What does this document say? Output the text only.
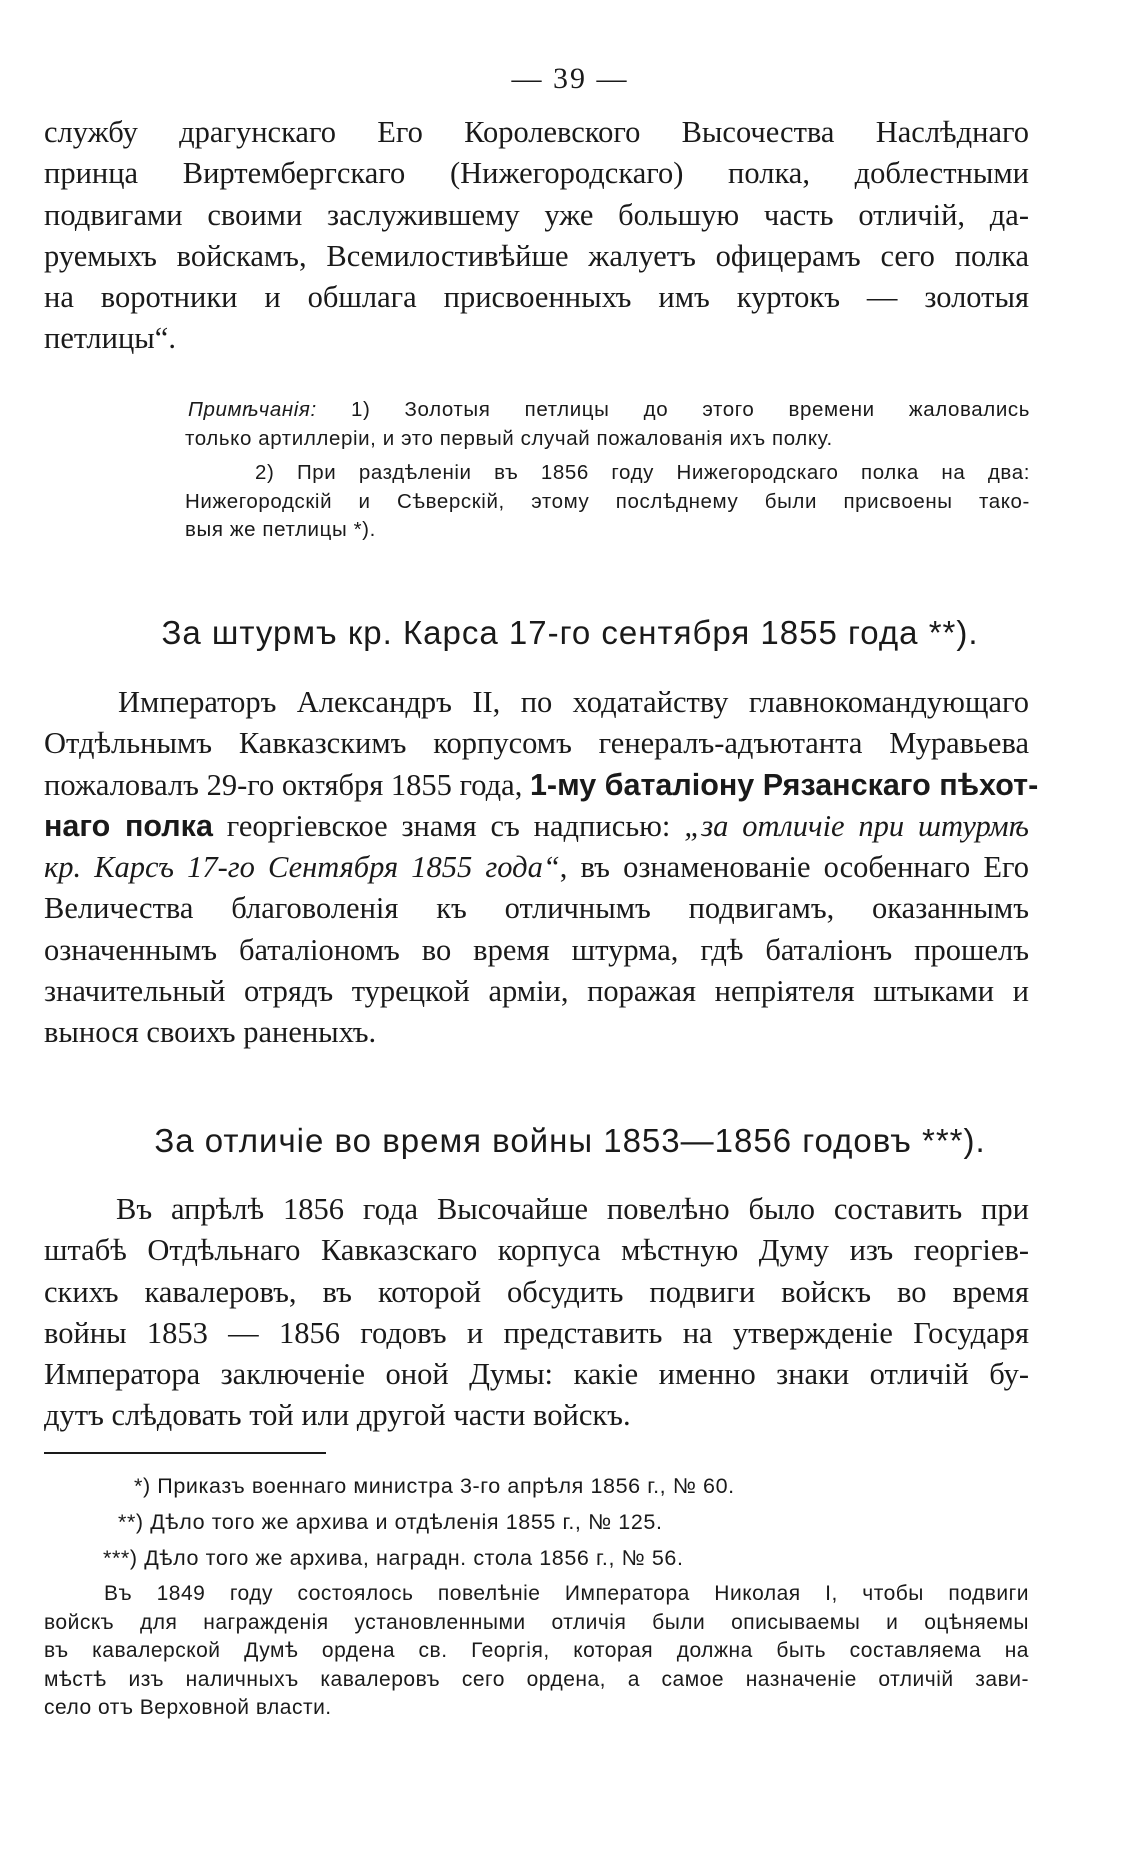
— 39 —
службу драгунскаго Его Королевского Высочества Наслѣднаго
принца Виртембергскаго (Нижегородскаго) полка, доблестными
подвигами своими заслужившему уже большую часть отличій, да-
руемыхъ войскамъ, Всемилостивѣйше жалуетъ офицерамъ сего полка
на воротники и обшлага присвоенныхъ имъ куртокъ — золотыя
петлицы“.
Примѣчанія: 1) Золотыя петлицы до этого времени жаловались
только артиллеріи, и это первый случай пожалованія ихъ полку.
2) При раздѣленіи въ 1856 году Нижегородскаго полка на два:
Нижегородскій и Сѣверскій, этому послѣднему были присвоены тако-
выя же петлицы *).
За штурмъ кр. Карса 17-го сентября 1855 года **).
Императоръ Александръ II, по ходатайству главнокомандующаго
Отдѣльнымъ Кавказскимъ корпусомъ генералъ-адъютанта Муравьева
пожаловалъ 29-го октября 1855 года, 1-му баталіону Рязанскаго пѣхот-
наго полка георгіевское знамя съ надписью: „за отличіе при штурмѣ
кр. Карсъ 17-го Сентября 1855 года“, въ ознаменованіе особеннаго Его
Величества благоволенія къ отличнымъ подвигамъ, оказаннымъ
означеннымъ баталіономъ во время штурма, гдѣ баталіонъ прошелъ
значительный отрядъ турецкой арміи, поражая непріятеля штыками и
вынося своихъ раненыхъ.
За отличіе во время войны 1853—1856 годовъ ***).
Въ апрѣлѣ 1856 года Высочайше повелѣно было составить при
штабѣ Отдѣльнаго Кавказскаго корпуса мѣстную Думу изъ георгіев-
скихъ кавалеровъ, въ которой обсудить подвиги войскъ во время
войны 1853 — 1856 годовъ и представить на утвержденіе Государя
Императора заключеніе оной Думы: какіе именно знаки отличій бу-
дутъ слѣдовать той или другой части войскъ.
*) Приказъ военнаго министра 3-го апрѣля 1856 г., № 60.
**) Дѣло того же архива и отдѣленія 1855 г., № 125.
***) Дѣло того же архива, наградн. стола 1856 г., № 56.
Въ 1849 году состоялось повелѣніе Императора Николая I, чтобы подвиги
войскъ для награжденія установленными отличія были описываемы и оцѣняемы
въ кавалерской Думѣ ордена св. Георгія, которая должна быть составляема на
мѣстѣ изъ наличныхъ кавалеровъ сего ордена, а самое назначеніе отличій зави-
село отъ Верховной власти.
